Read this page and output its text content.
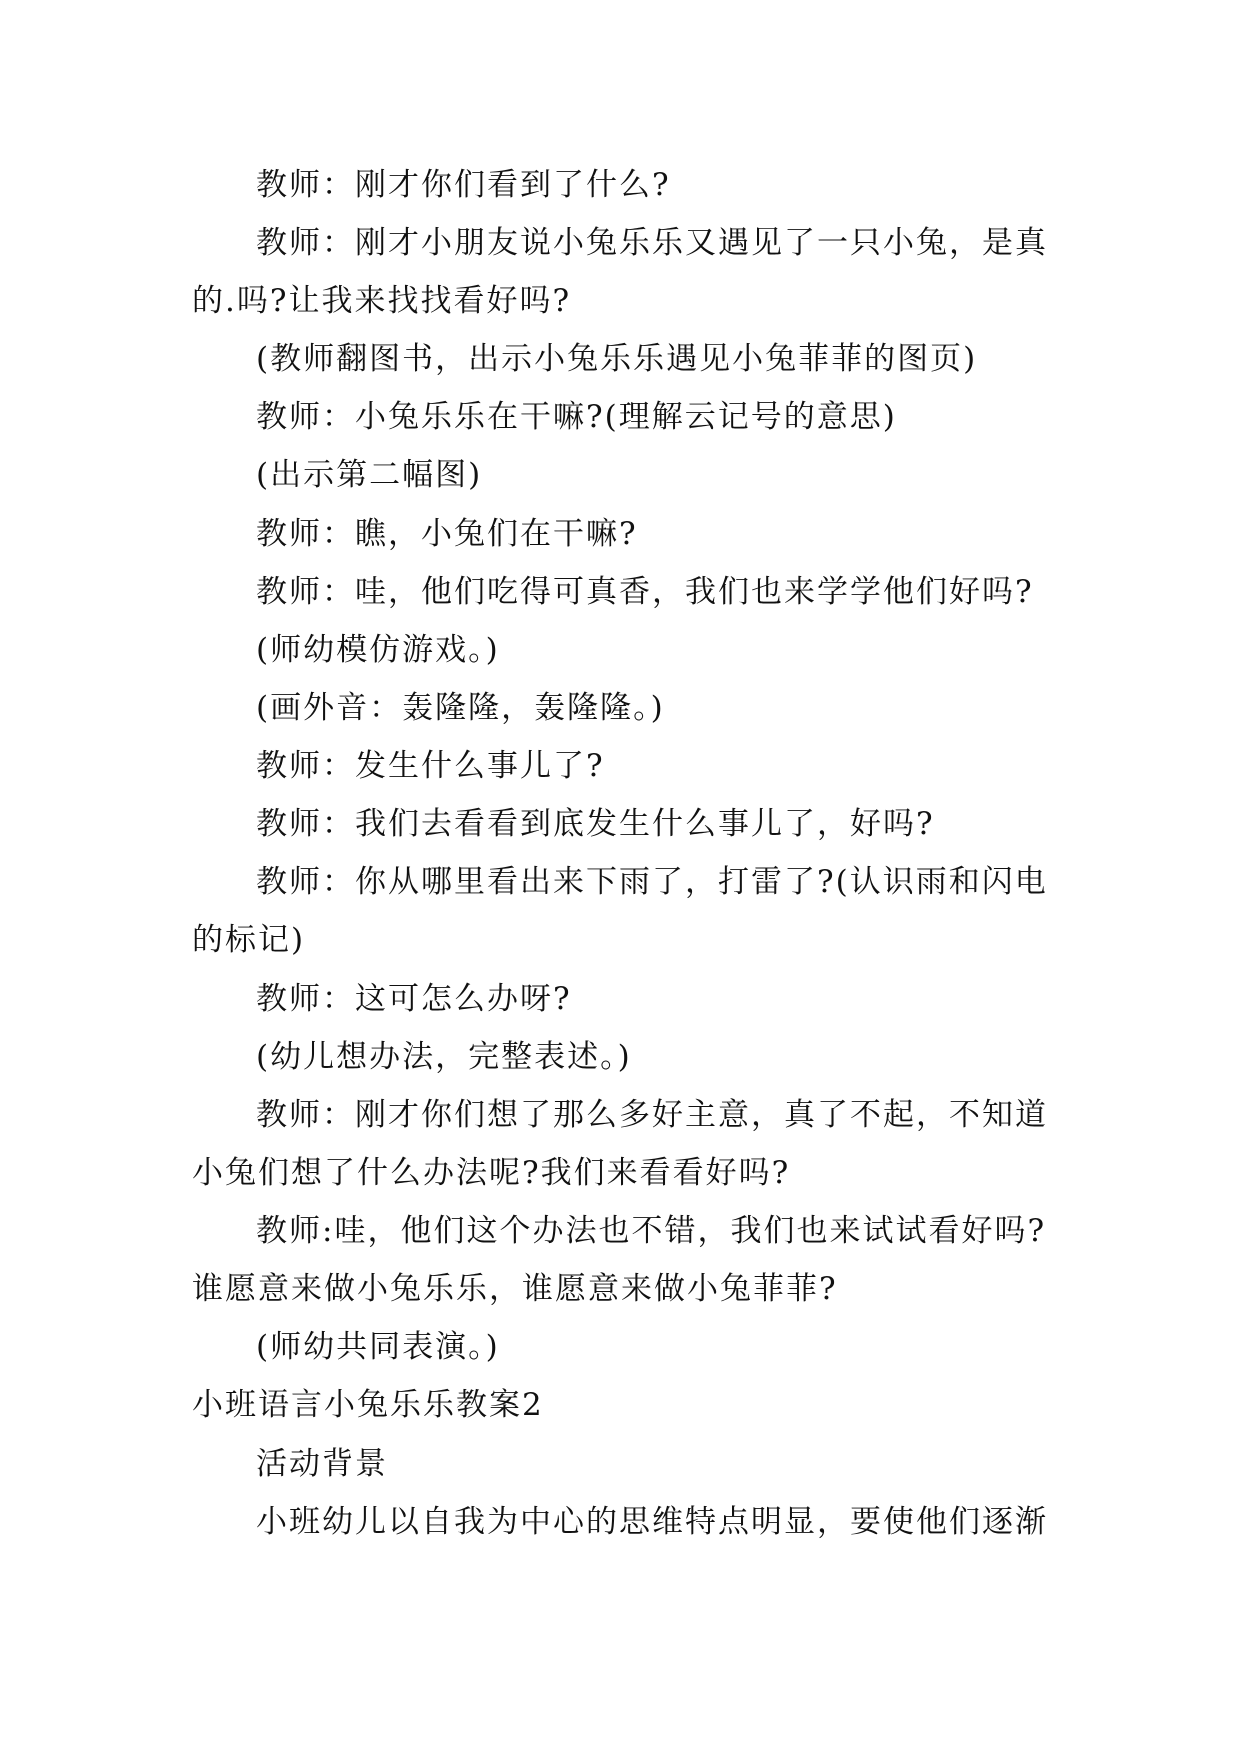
教师：刚才你们看到了什么?
教师：刚才小朋友说小兔乐乐又遇见了一只小兔，是真
的.吗?让我来找找看好吗?
(教师翻图书，出示小兔乐乐遇见小兔菲菲的图页)
教师：小兔乐乐在干嘛?(理解云记号的意思)
(出示第二幅图)
教师：瞧，小兔们在干嘛?
教师：哇，他们吃得可真香，我们也来学学他们好吗?
(师幼模仿游戏。)
(画外音：轰隆隆，轰隆隆。)
教师：发生什么事儿了?
教师：我们去看看到底发生什么事儿了，好吗?
教师：你从哪里看出来下雨了，打雷了?(认识雨和闪电
的标记)
教师：这可怎么办呀?
(幼儿想办法，完整表述。)
教师：刚才你们想了那么多好主意，真了不起，不知道
小兔们想了什么办法呢?我们来看看好吗?
教师:哇，他们这个办法也不错，我们也来试试看好吗?
谁愿意来做小兔乐乐，谁愿意来做小兔菲菲?
(师幼共同表演。)
小班语言小兔乐乐教案2
活动背景
小班幼儿以自我为中心的思维特点明显，要使他们逐渐
